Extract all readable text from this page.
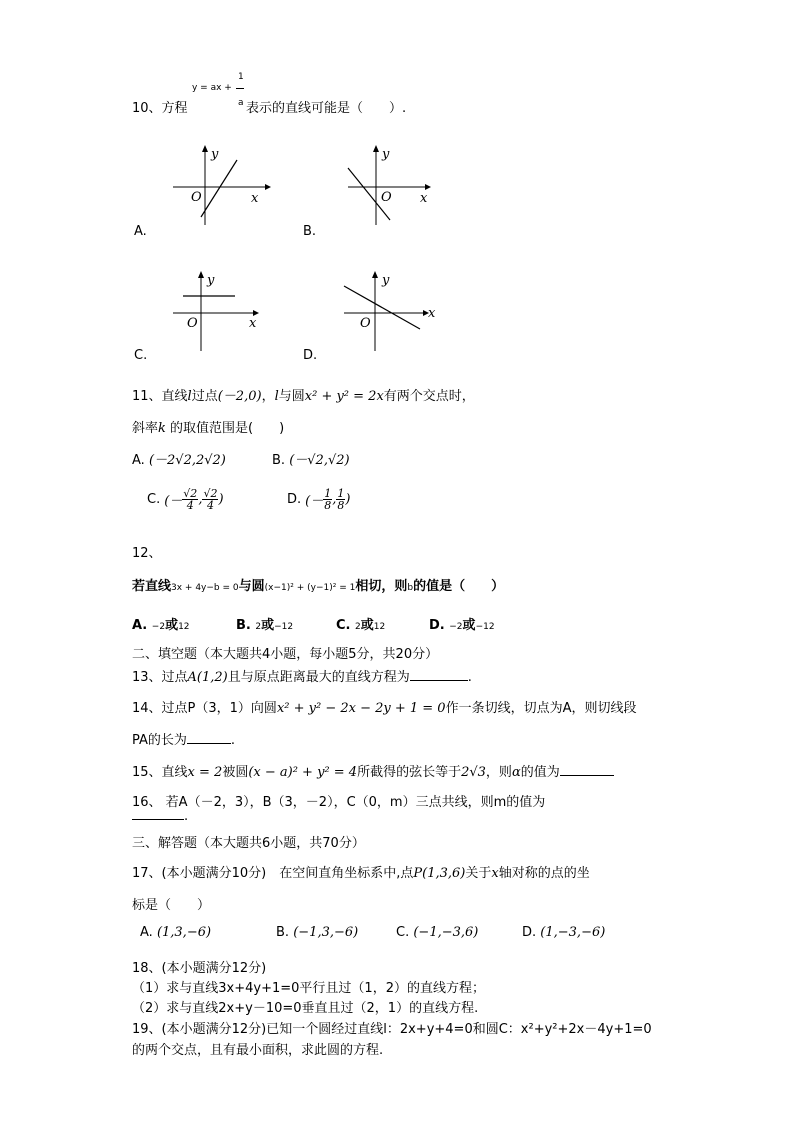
y = ax +
1
10、方程	a 表示的直线可能是（　　）.
y
x
O
A.
y
x
O
B.
y
x
O
C.
y
x
O
D.
11、直线l过点(－2,0)，l与圆x² + y² = 2x有两个交点时，
斜率k 的取值范围是(　　)
A. (－2√2,2√2)	B. (－√2,√2)
C. (－ $\frac{√2}{4}$ , $\frac{√2}{4}$ )	D. (－ $\frac{1}{8}$ , $\frac{1}{8}$ )
12、
若直线3x + 4y−b = 0与圆(x−1)² + (y−1)² = 1相切，则b的值是（　　）
A. −2或12	B. 2或−12	C. 2或12	D. −2或−12
二、填空题（本大题共4小题，每小题5分，共20分）
13、过点A(1,2)且与原点距离最大的直线方程为	.
14、过点P（3，1）向圆x² + y² − 2x − 2y + 1 = 0作一条切线，切点为A，则切线段
PA的长为	.
15、直线x = 2被圆(x − a)² + y² = 4所截得的弦长等于2√3，则α的值为
16、 若A（－2，3），B（3，－2），C（0，m）三点共线，则m的值为
.
三、解答题（本大题共6小题，共70分）
17、(本小题满分10分)　在空间直角坐标系中,点P(1,3,6)关于x轴对称的点的坐
标是（　　）
A. (1,3,−6)	B. (−1,3,−6)	C. (−1,−3,6)	D. (1,−3,−6)
18、(本小题满分12分)
（1）求与直线3x+4y+1=0平行且过（1，2）的直线方程；
（2）求与直线2x+y－10=0垂直且过（2，1）的直线方程.
19、(本小题满分12分)已知一个圆经过直线l：2x+y+4=0和圆C：x²+y²+2x－4y+1=0
的两个交点，且有最小面积，求此圆的方程.
